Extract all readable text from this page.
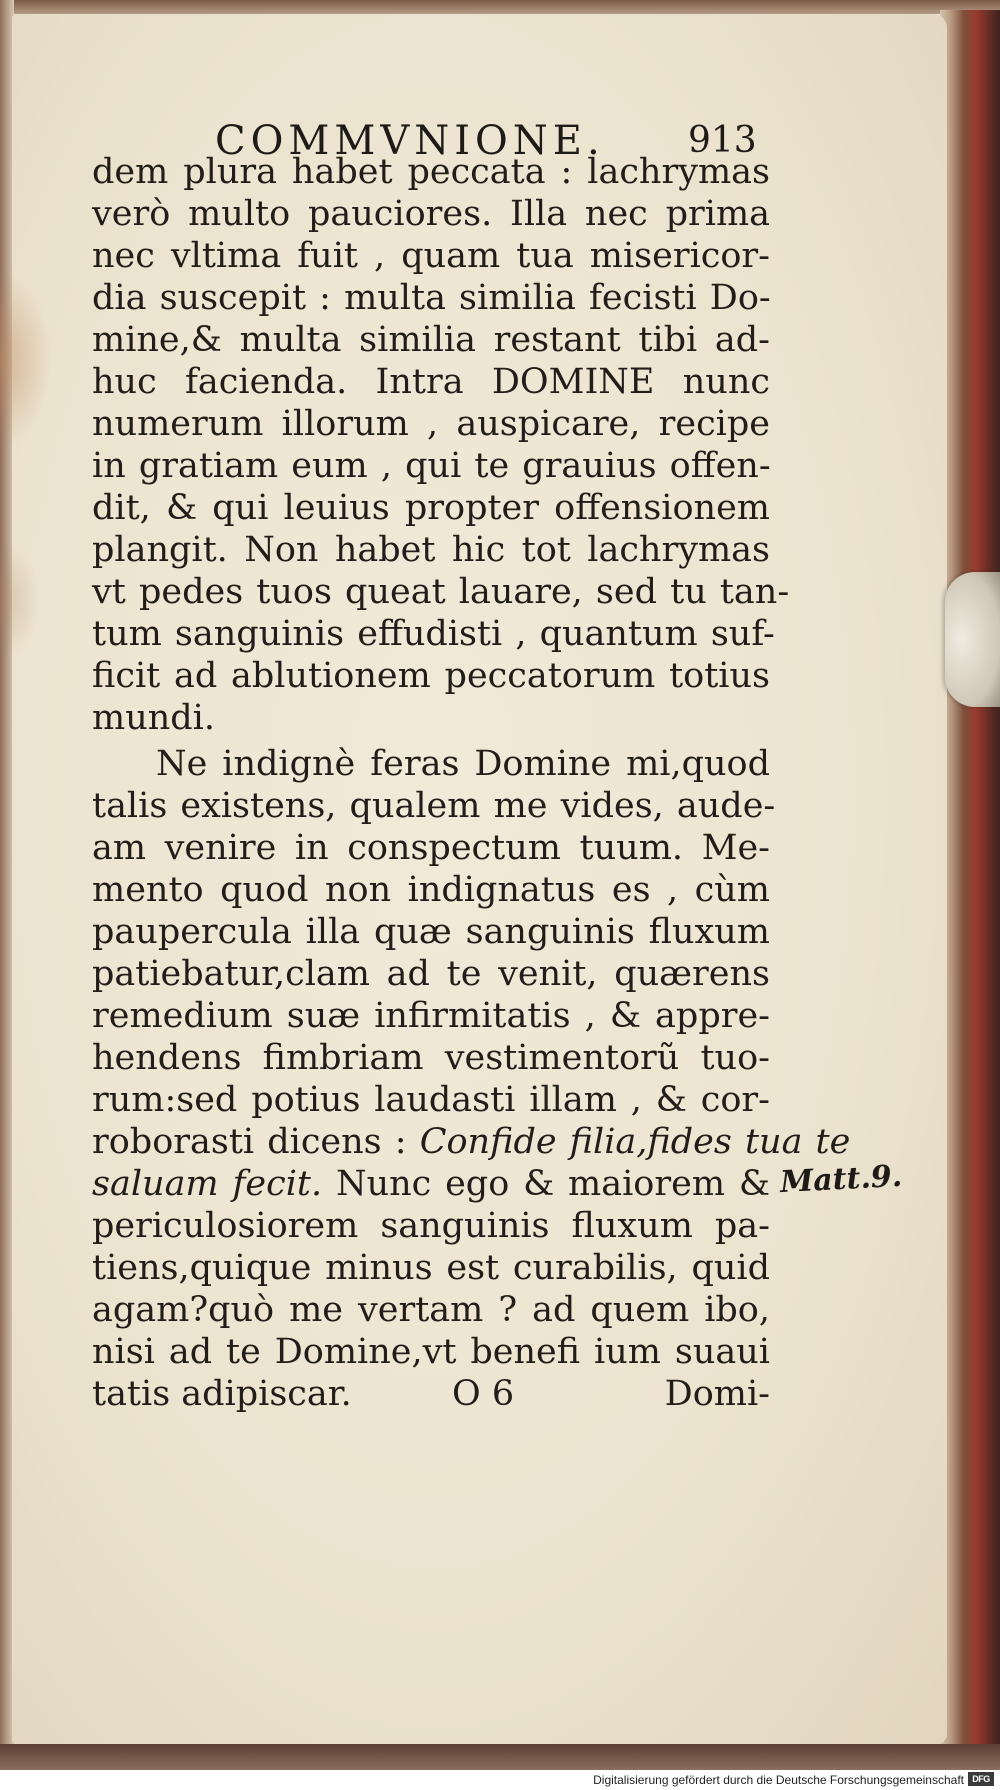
COMMVNIONE. 913
dem plura habet peccata : lachrymas
verò multo pauciores. Illa nec prima
nec vltima fuit , quam tua misericor-
dia suscepit : multa similia fecisti Do-
mine,& multa similia restant tibi ad-
huc facienda. Intra DOMINE nunc
numerum illorum , auspicare, recipe
in gratiam eum , qui te grauius offen-
dit, & qui leuius propter offensionem
plangit. Non habet hic tot lachrymas
vt pedes tuos queat lauare, sed tu tan-
tum sanguinis effudisti , quantum suf-
ficit ad ablutionem peccatorum totius
mundi.
Ne indignè feras Domine mi,quod
talis existens, qualem me vides, aude-
am venire in conspectum tuum. Me-
mento quod non indignatus es , cùm
paupercula illa quæ sanguinis fluxum
patiebatur,clam ad te venit, quærens
remedium suæ infirmitatis , & appre-
hendens fimbriam vestimentorũ tuo-
rum:sed potius laudasti illam , & cor-
roborasti dicens : Confide filia,fides tua te
saluam fecit. Nunc ego & maiorem &
periculosiorem sanguinis fluxum pa-
tiens,quique minus est curabilis, quid
agam?quò me vertam ? ad quem ibo,
nisi ad te Domine,vt benefi ium suaui
tatis adipiscar.	O 6	Domi-
Matt.9.
Digitalisierung gefördert durch die Deutsche Forschungsgemeinschaft DFG
